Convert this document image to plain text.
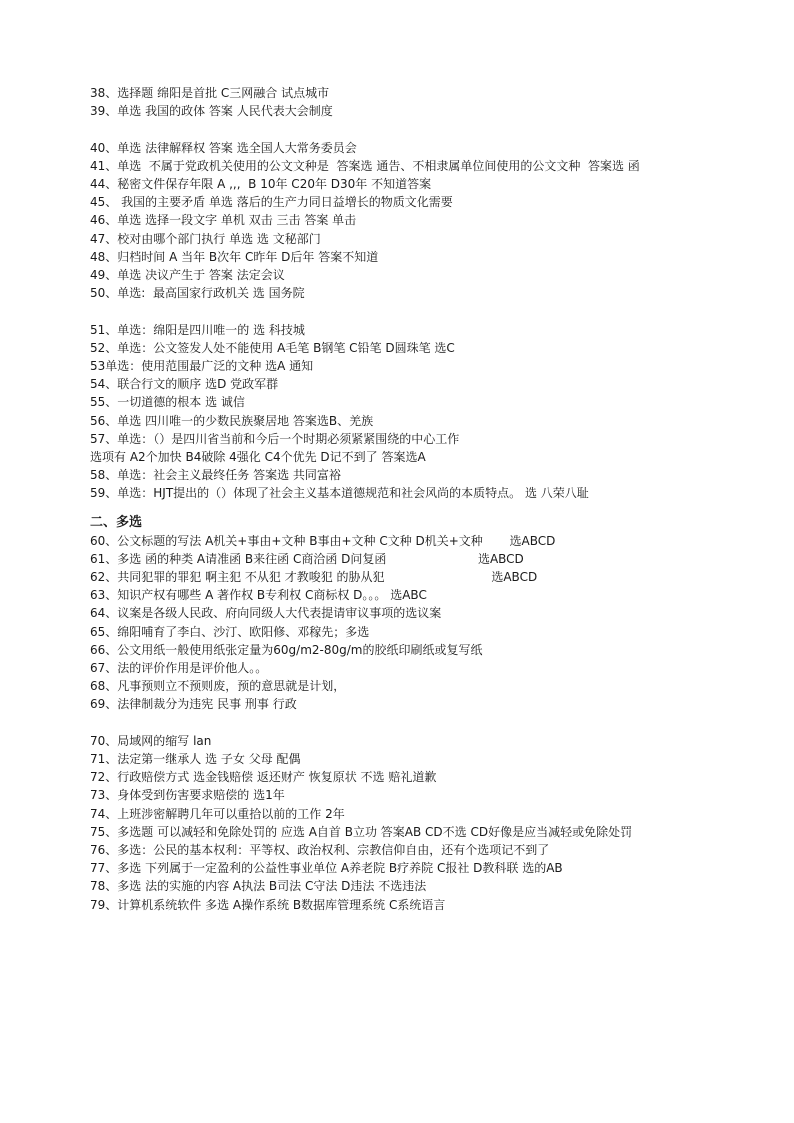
38、选择题 绵阳是首批 C三网融合 试点城市
39、单选 我国的政体 答案 人民代表大会制度
40、单选 法律解释权 答案 选全国人大常务委员会
41、单选  不属于党政机关使用的公文文种是  答案选 通告、不相隶属单位间使用的公文文种  答案选 函
44、秘密文件保存年限 A ,,,  B 10年 C20年 D30年 不知道答案
45、 我国的主要矛盾 单选 落后的生产力同日益增长的物质文化需要
46、单选 选择一段文字 单机 双击 三击 答案 单击
47、校对由哪个部门执行 单选 选 文秘部门
48、归档时间 A 当年 B次年 C昨年 D后年 答案不知道
49、单选 决议产生于 答案 法定会议
50、单选:  最高国家行政机关 选 国务院
51、单选：绵阳是四川唯一的 选 科技城
52、单选：公文签发人处不能使用 A毛笔 B钢笔 C铅笔 D圆珠笔 选C
53单选：使用范围最广泛的文种 选A 通知
54、联合行文的顺序 选D 党政军群
55、一切道德的根本 选 诚信
56、单选 四川唯一的少数民族聚居地 答案选B、羌族
57、单选：（）是四川省当前和今后一个时期必须紧紧围绕的中心工作
选项有 A2个加快 B4破除 4强化 C4个优先 D记不到了 答案选A
58、单选：社会主义最终任务 答案选 共同富裕
59、单选：HJT提出的（）体现了社会主义基本道德规范和社会风尚的本质特点。 选 八荣八耻
二、多选
60、公文标题的写法 A机关+事由+文种 B事由+文种 C文种 D机关+文种       选ABCD
61、多选 函的种类 A请准函 B来往函 C商洽函 D问复函                        选ABCD
62、共同犯罪的罪犯 啊主犯 不从犯 才教唆犯 的胁从犯                            选ABCD
63、知识产权有哪些 A 著作权 B专利权 C商标权 D。。。 选ABC
64、议案是各级人民政、府向同级人大代表提请审议事项的选议案
65、绵阳哺育了李白、沙汀、欧阳修、邓稼先；多选
66、公文用纸一般使用纸张定量为60g/m2-80g/m的胶纸印刷纸或复写纸
67、法的评价作用是评价他人。。
68、凡事预则立不预则废，预的意思就是计划，
69、法律制裁分为违宪 民事 刑事 行政
70、局域网的缩写 lan
71、法定第一继承人 选 子女 父母 配偶
72、行政赔偿方式 选金钱赔偿 返还财产 恢复原状 不选 赔礼道歉
73、身体受到伤害要求赔偿的 选1年
74、上班涉密解聘几年可以重拾以前的工作 2年
75、多选题 可以减轻和免除处罚的 应选 A自首 B立功 答案AB CD不选 CD好像是应当减轻或免除处罚
76、多选：公民的基本权利：平等权、政治权利、宗教信仰自由，还有个选项记不到了
77、多选 下列属于一定盈利的公益性事业单位 A养老院 B疗养院 C报社 D教科联 选的AB
78、多选 法的实施的内容 A执法 B司法 C守法 D违法 不选违法
79、计算机系统软件 多选 A操作系统 B数据库管理系统 C系统语言
